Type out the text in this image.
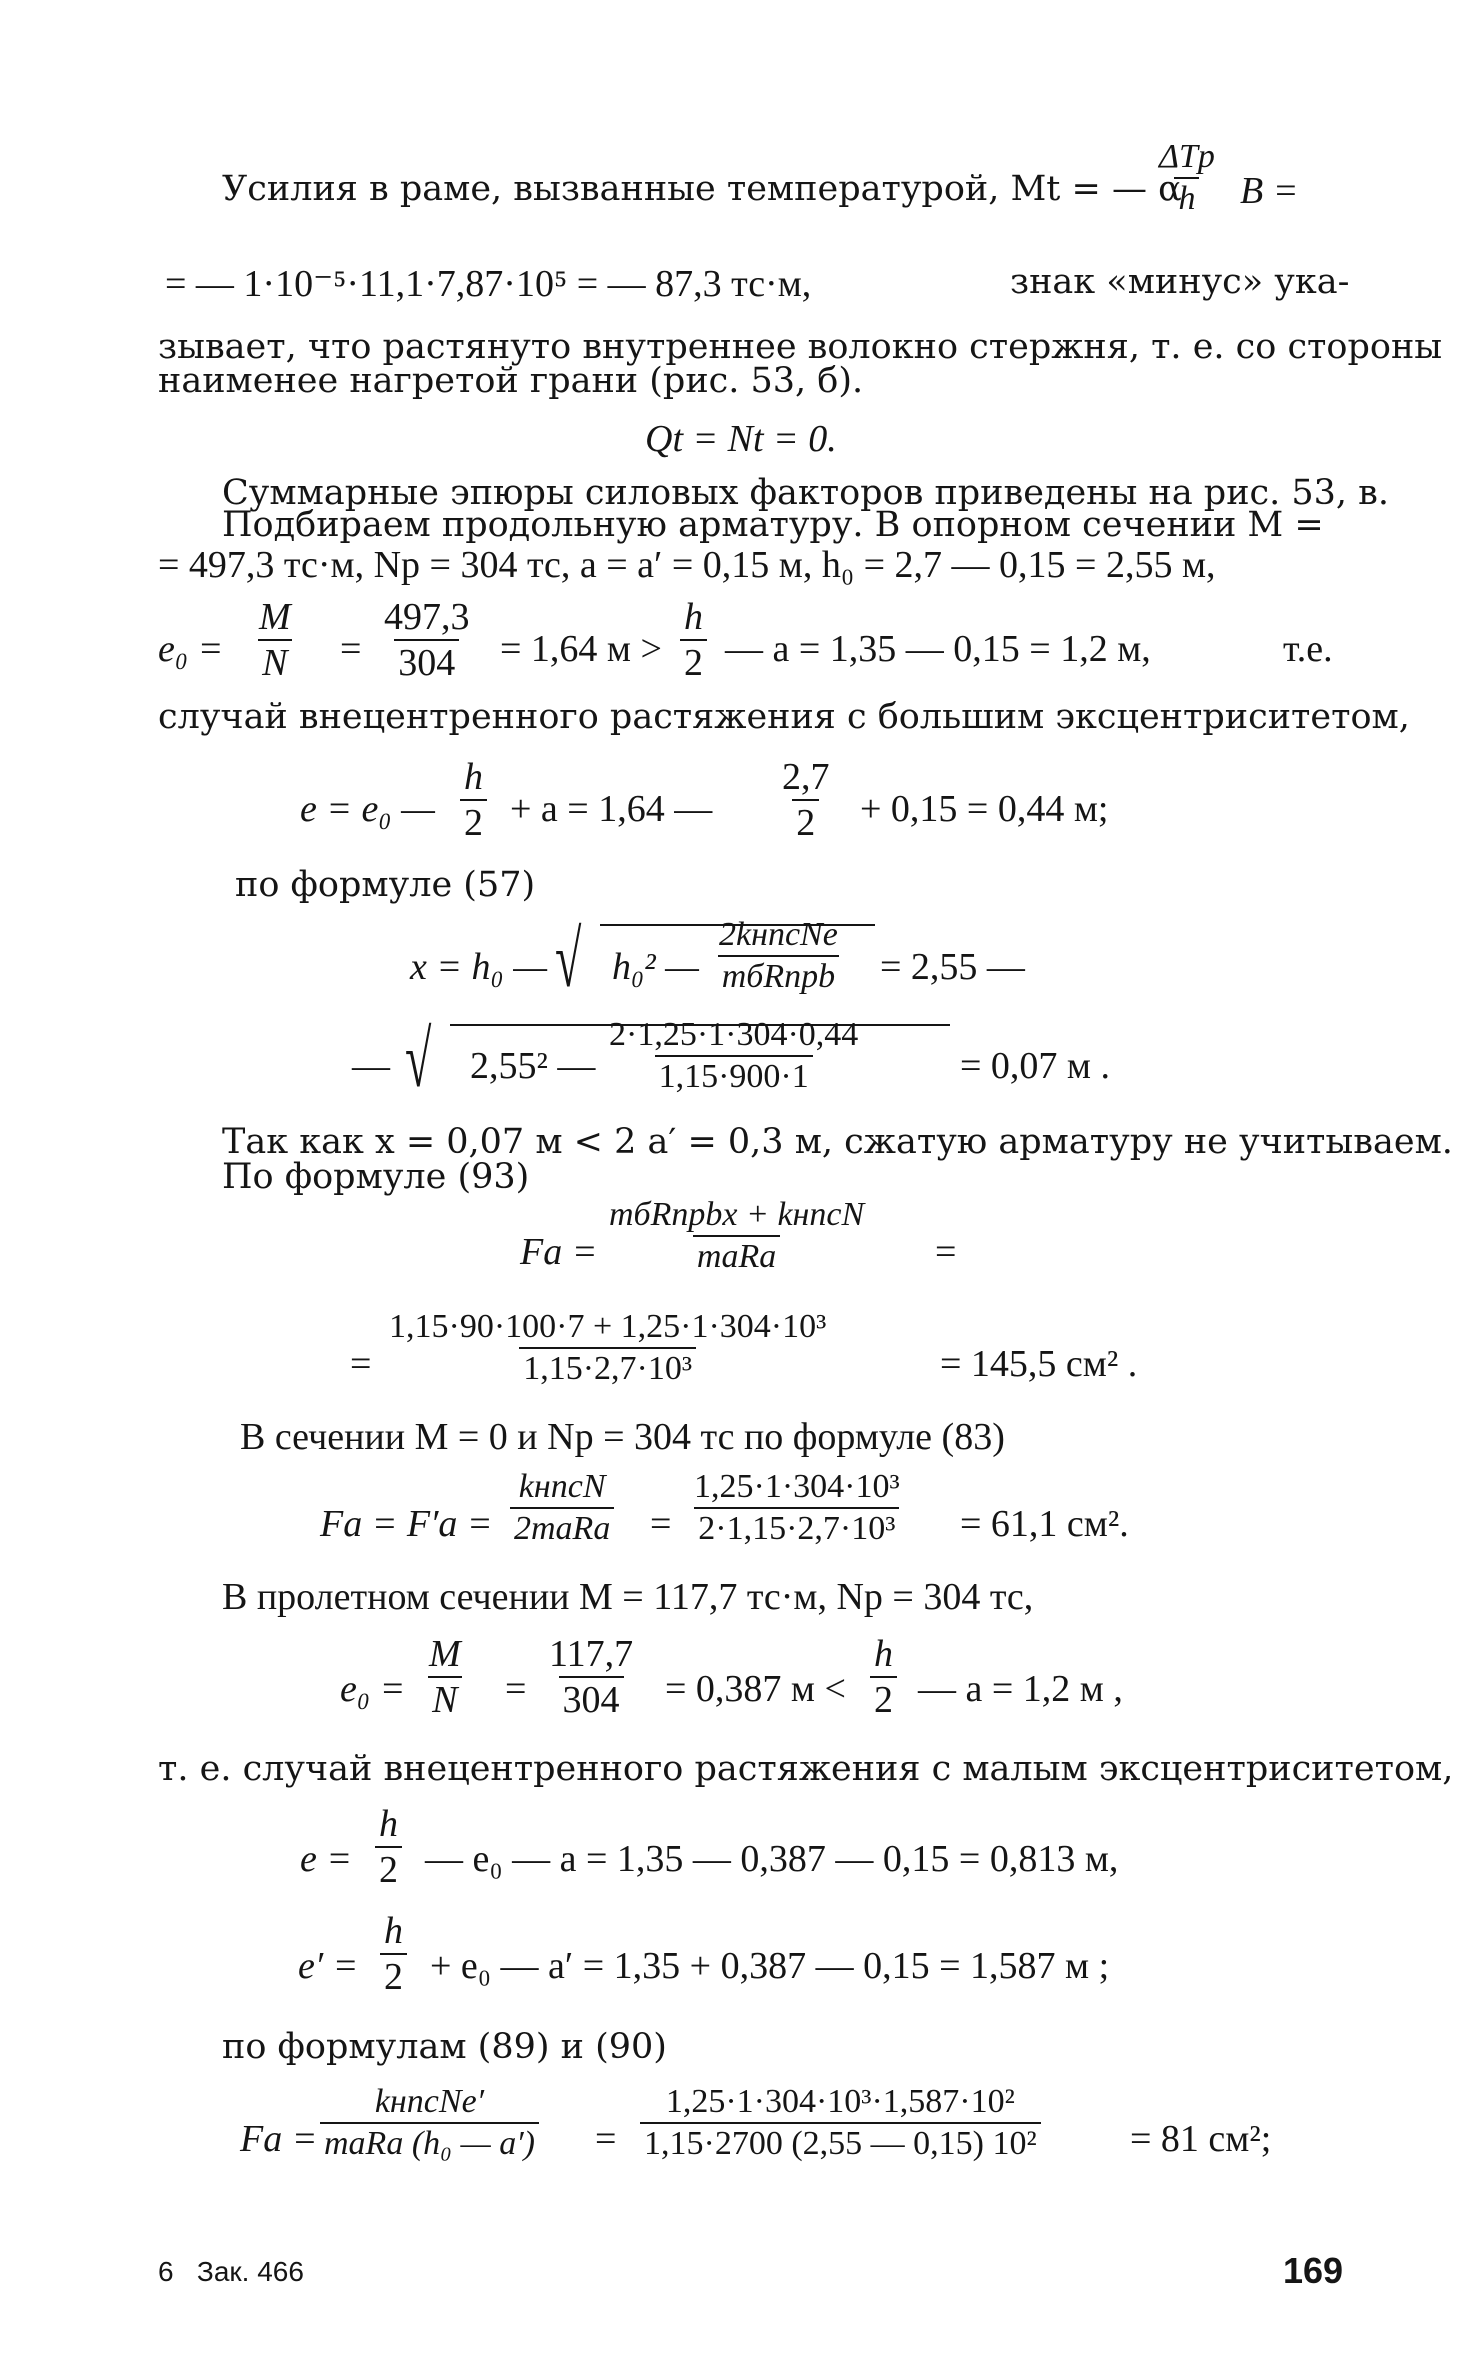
Усилия в раме, вызванные температурой, Mt = — α
ΔTp
h B =
= — 1·10⁻⁵·11,1·7,87·10⁵ = — 87,3 тс·м,	знак «минус» ука-
зывает, что растянуто внутреннее волокно стержня, т. е. со стороны
наименее нагретой грани (рис. 53, б).
Qt = Nt = 0.
Суммарные эпюры силовых факторов приведены на рис. 53, в.
Подбираем продольную арматуру. В опорном сечении M =
= 497,3 тс·м, Np = 304 тс, a = a′ = 0,15 м, h₀ = 2,7 — 0,15 = 2,55 м,
$e_0 = \frac{M}{N} = \frac{497,3}{304} = 1,64$ $м > \frac{h}{2}$ — a = 1,35 — 0,15 = 1,2 м,	т.е.
случай внецентренного растяжения с большим эксцентриситетом,
e = e₀ — $\frac{h}{2} + a = 1,64$ — $\frac{2,7}{2} + 0,15 = 0,44$ м;
по формуле (57)
x = h₀ — √ h₀² —
2kнncNe
mбRпрb = 2,55 —
— √ 2,55² — $\frac{2\cdot 1,25\cdot 1\cdot 304\cdot 0,44}{1,15\cdot 900\cdot 1}$	= 0,07 м .
Так как x = 0,07 м < 2 a′ = 0,3 м, сжатую арматуру не учитываем.
По формуле (93)
Fa =
mбRпрbx + kнncN
maRa	=
= $\frac{\text{1,15·90·100·7 + 1,25·1·304·10³}}{\text{1,15·2,7·10³}}$	= 145,5 см² .
В сечении M = 0 и Np = 304 тс по формуле (83)
Fa = F′a =
kнncN
2maRa = $\frac{\text{1,25·1·304·10³}}{\text{2·1,15·2,7·10³}} = 61,1$ см².
В пролетном сечении M = 117,7 тс·м, Np = 304 тс,
$e_0 = \frac{M}{N} = \frac{117,7}{304} = 0,387$ $м < \frac{h}{2}$ — a = 1,2 м ,
т. е. случай внецентренного растяжения с малым эксцентриситетом,
$e = \frac{h}{2}$ — e₀ — a = 1,35 — 0,387 — 0,15 = 0,813 м,
$e' = \frac{h}{2} + e_0$ — a′ = 1,35 + 0,387 — 0,15 = 1,587 м ;
по формулам (89) и (90)
Fa =
kнncNe′
maRa (h₀ — $a') = \frac{\text{1,25·1·304·10³·1,587·10²}}{\text{1,15·2700 (2,55 — 0,15) 10²}} = 81$ см²;
6   Зак. 466	169
